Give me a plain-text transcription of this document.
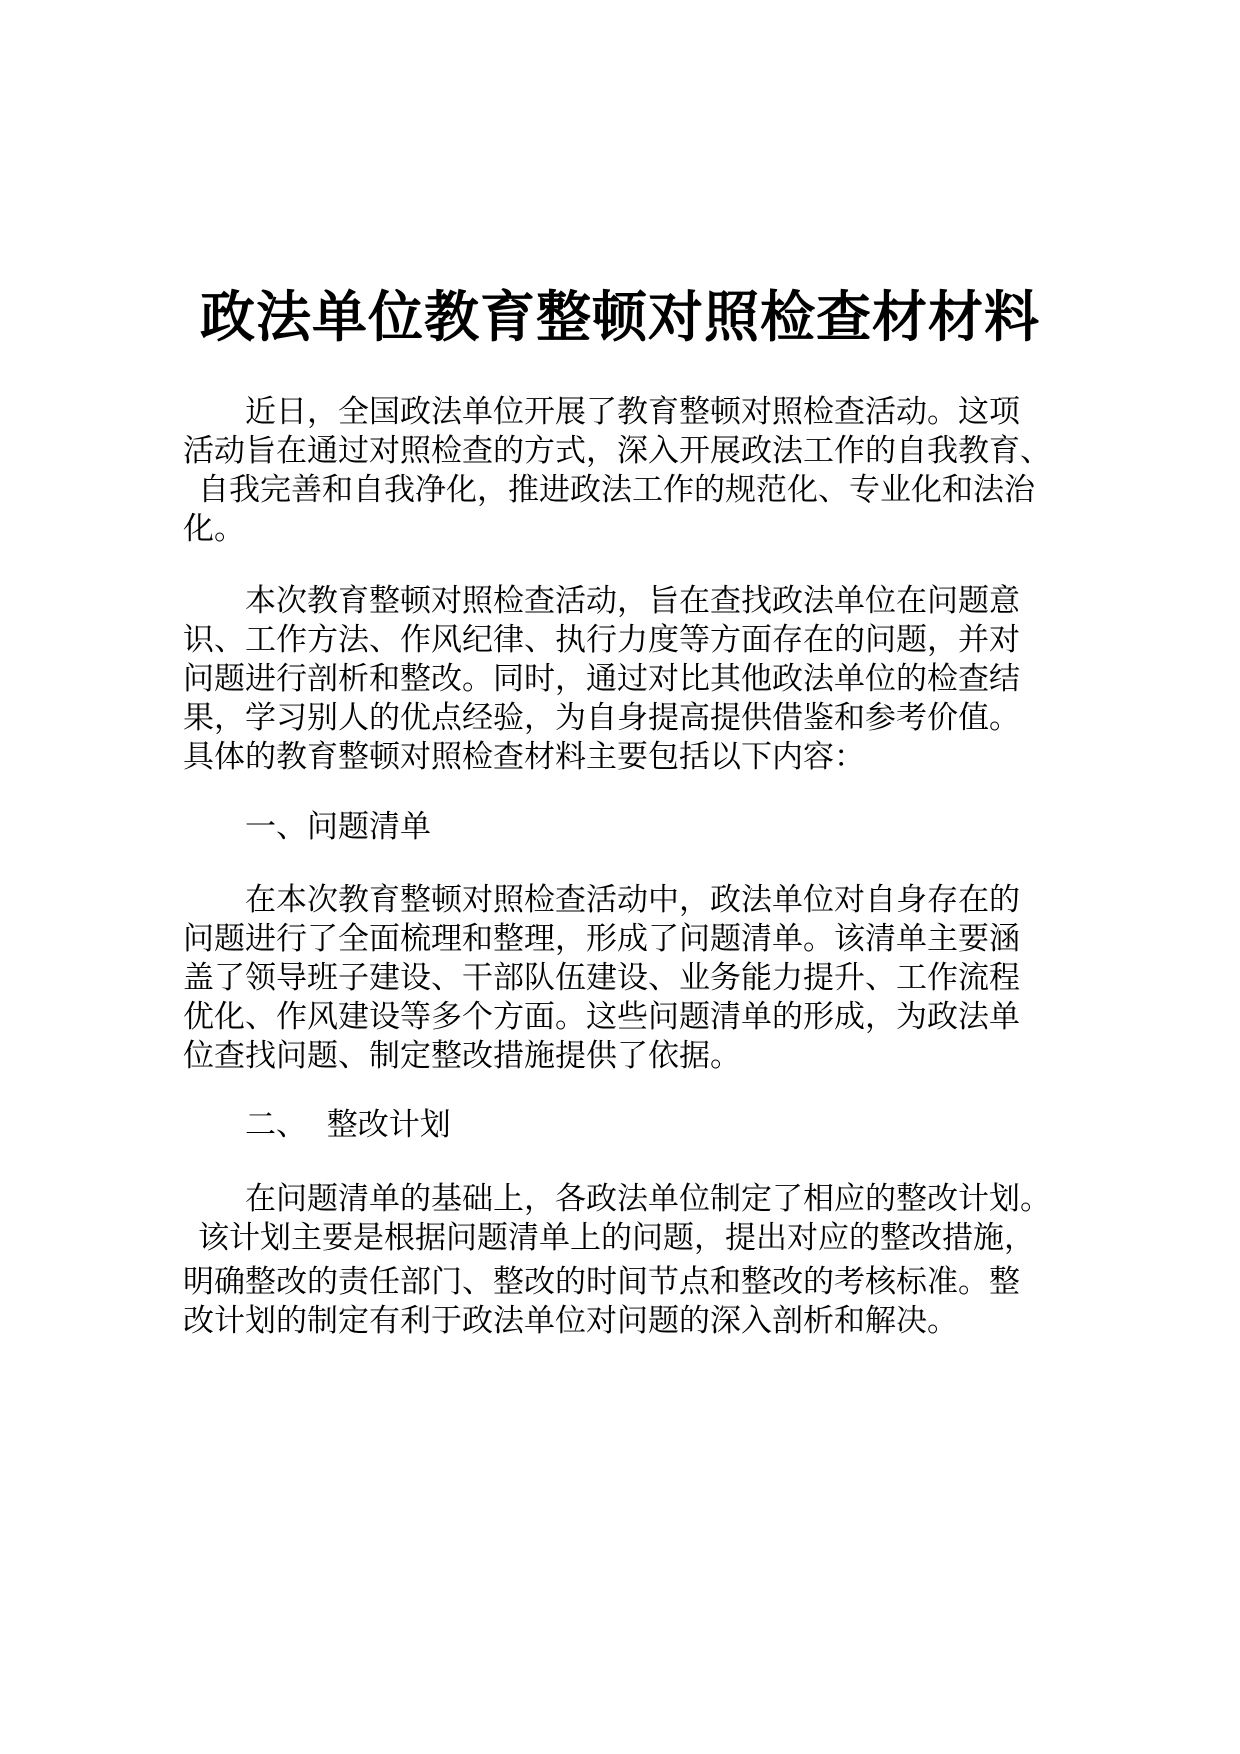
政法单位教育整顿对照检查材材料
近日，全国政法单位开展了教育整顿对照检查活动。这项
活动旨在通过对照检查的方式，深入开展政法工作的自我教育、
自我完善和自我净化，推进政法工作的规范化、专业化和法治
化。
本次教育整顿对照检查活动，旨在查找政法单位在问题意
识、工作方法、作风纪律、执行力度等方面存在的问题，并对
问题进行剖析和整改。同时，通过对比其他政法单位的检查结
果，学习别人的优点经验，为自身提高提供借鉴和参考价值。
具体的教育整顿对照检查材料主要包括以下内容：
一、问题清单
在本次教育整顿对照检查活动中，政法单位对自身存在的
问题进行了全面梳理和整理，形成了问题清单。该清单主要涵
盖了领导班子建设、干部队伍建设、业务能力提升、工作流程
优化、作风建设等多个方面。这些问题清单的形成，为政法单
位查找问题、制定整改措施提供了依据。
二、  整改计划
在问题清单的基础上，各政法单位制定了相应的整改计划。
该计划主要是根据问题清单上的问题，提出对应的整改措施，
明确整改的责任部门、整改的时间节点和整改的考核标准。整
改计划的制定有利于政法单位对问题的深入剖析和解决。
